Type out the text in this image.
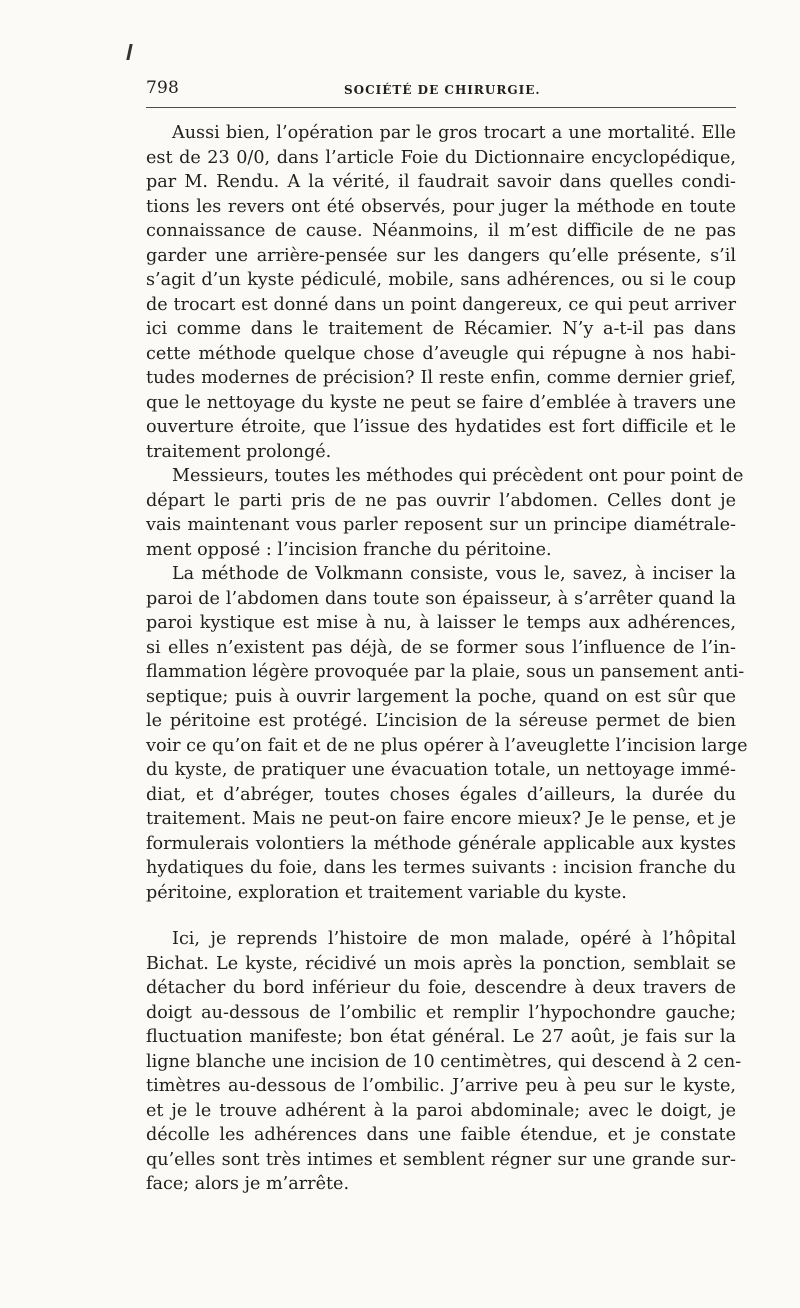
798	SOCIÉTÉ DE CHIRURGIE.
Aussi bien, l’opération par le gros trocart a une mortalité. Elle
est de 23 0/0, dans l’article Foie du Dictionnaire encyclopédique,
par M. Rendu. A la vérité, il faudrait savoir dans quelles condi-
tions les revers ont été observés, pour juger la méthode en toute
connaissance de cause. Néanmoins, il m’est difficile de ne pas
garder une arrière-pensée sur les dangers qu’elle présente, s’il
s’agit d’un kyste pédiculé, mobile, sans adhérences, ou si le coup
de trocart est donné dans un point dangereux, ce qui peut arriver
ici comme dans le traitement de Récamier. N’y a-t-il pas dans
cette méthode quelque chose d’aveugle qui répugne à nos habi-
tudes modernes de précision? Il reste enfin, comme dernier grief,
que le nettoyage du kyste ne peut se faire d’emblée à travers une
ouverture étroite, que l’issue des hydatides est fort difficile et le
traitement prolongé.
Messieurs, toutes les méthodes qui précèdent ont pour point de
départ le parti pris de ne pas ouvrir l’abdomen. Celles dont je
vais maintenant vous parler reposent sur un principe diamétrale-
ment opposé : l’incision franche du péritoine.
La méthode de Volkmann consiste, vous le, savez, à inciser la
paroi de l’abdomen dans toute son épaisseur, à s’arrêter quand la
paroi kystique est mise à nu, à laisser le temps aux adhérences,
si elles n’existent pas déjà, de se former sous l’influence de l’in-
flammation légère provoquée par la plaie, sous un pansement anti-
septique; puis à ouvrir largement la poche, quand on est sûr que
le péritoine est protégé. L’incision de la séreuse permet de bien
voir ce qu’on fait et de ne plus opérer à l’aveuglette l’incision large
du kyste, de pratiquer une évacuation totale, un nettoyage immé-
diat, et d’abréger, toutes choses égales d’ailleurs, la durée du
traitement. Mais ne peut-on faire encore mieux? Je le pense, et je
formulerais volontiers la méthode générale applicable aux kystes
hydatiques du foie, dans les termes suivants : incision franche du
péritoine, exploration et traitement variable du kyste.
Ici, je reprends l’histoire de mon malade, opéré à l’hôpital
Bichat. Le kyste, récidivé un mois après la ponction, semblait se
détacher du bord inférieur du foie, descendre à deux travers de
doigt au-dessous de l’ombilic et remplir l’hypochondre gauche;
fluctuation manifeste; bon état général. Le 27 août, je fais sur la
ligne blanche une incision de 10 centimètres, qui descend à 2 cen-
timètres au-dessous de l’ombilic. J’arrive peu à peu sur le kyste,
et je le trouve adhérent à la paroi abdominale; avec le doigt, je
décolle les adhérences dans une faible étendue, et je constate
qu’elles sont très intimes et semblent régner sur une grande sur-
face; alors je m’arrête.
